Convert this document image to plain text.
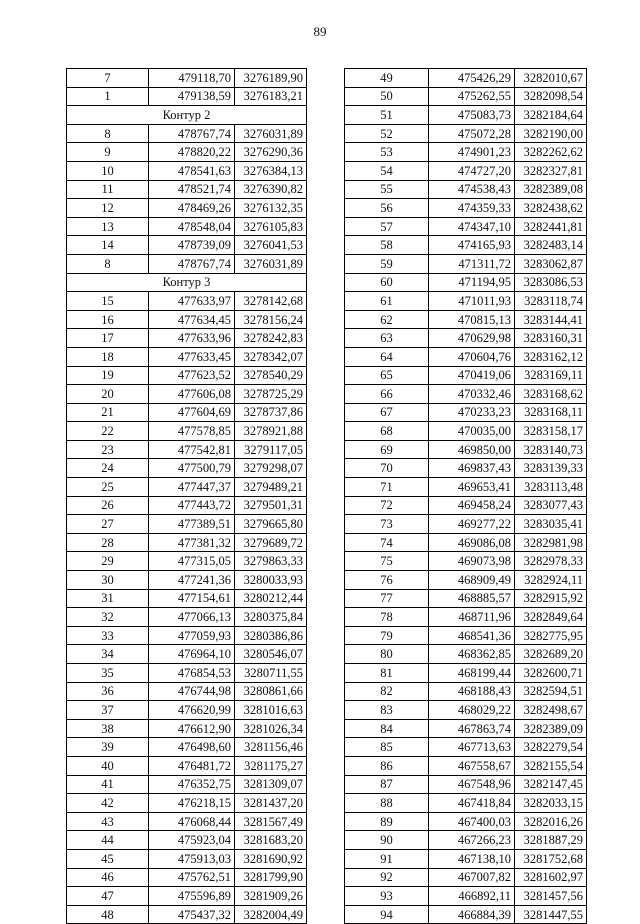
89
7	479118,70	3276189,90
1	479138,59	3276183,21
Контур 2		
8	478767,74	3276031,89
9	478820,22	3276290,36
10	478541,63	3276384,13
11	478521,74	3276390,82
12	478469,26	3276132,35
13	478548,04	3276105,83
14	478739,09	3276041,53
8	478767,74	3276031,89
Контур 3		
15	477633,97	3278142,68
16	477634,45	3278156,24
17	477633,96	3278242,83
18	477633,45	3278342,07
19	477623,52	3278540,29
20	477606,08	3278725,29
21	477604,69	3278737,86
22	477578,85	3278921,88
23	477542,81	3279117,05
24	477500,79	3279298,07
25	477447,37	3279489,21
26	477443,72	3279501,31
27	477389,51	3279665,80
28	477381,32	3279689,72
29	477315,05	3279863,33
30	477241,36	3280033,93
31	477154,61	3280212,44
32	477066,13	3280375,84
33	477059,93	3280386,86
34	476964,10	3280546,07
35	476854,53	3280711,55
36	476744,98	3280861,66
37	476620,99	3281016,63
38	476612,90	3281026,34
39	476498,60	3281156,46
40	476481,72	3281175,27
41	476352,75	3281309,07
42	476218,15	3281437,20
43	476068,44	3281567,49
44	475923,04	3281683,20
45	475913,03	3281690,92
46	475762,51	3281799,90
47	475596,89	3281909,26
48	475437,32	3282004,49
49	475426,29	3282010,67
50	475262,55	3282098,54
51	475083,73	3282184,64
52	475072,28	3282190,00
53	474901,23	3282262,62
54	474727,20	3282327,81
55	474538,43	3282389,08
56	474359,33	3282438,62
57	474347,10	3282441,81
58	474165,93	3282483,14
59	471311,72	3283062,87
60	471194,95	3283086,53
61	471011,93	3283118,74
62	470815,13	3283144,41
63	470629,98	3283160,31
64	470604,76	3283162,12
65	470419,06	3283169,11
66	470332,46	3283168,62
67	470233,23	3283168,11
68	470035,00	3283158,17
69	469850,00	3283140,73
70	469837,43	3283139,33
71	469653,41	3283113,48
72	469458,24	3283077,43
73	469277,22	3283035,41
74	469086,08	3282981,98
75	469073,98	3282978,33
76	468909,49	3282924,11
77	468885,57	3282915,92
78	468711,96	3282849,64
79	468541,36	3282775,95
80	468362,85	3282689,20
81	468199,44	3282600,71
82	468188,43	3282594,51
83	468029,22	3282498,67
84	467863,74	3282389,09
85	467713,63	3282279,54
86	467558,67	3282155,54
87	467548,96	3282147,45
88	467418,84	3282033,15
89	467400,03	3282016,26
90	467266,23	3281887,29
91	467138,10	3281752,68
92	467007,82	3281602,97
93	466892,11	3281457,56
94	466884,39	3281447,55
